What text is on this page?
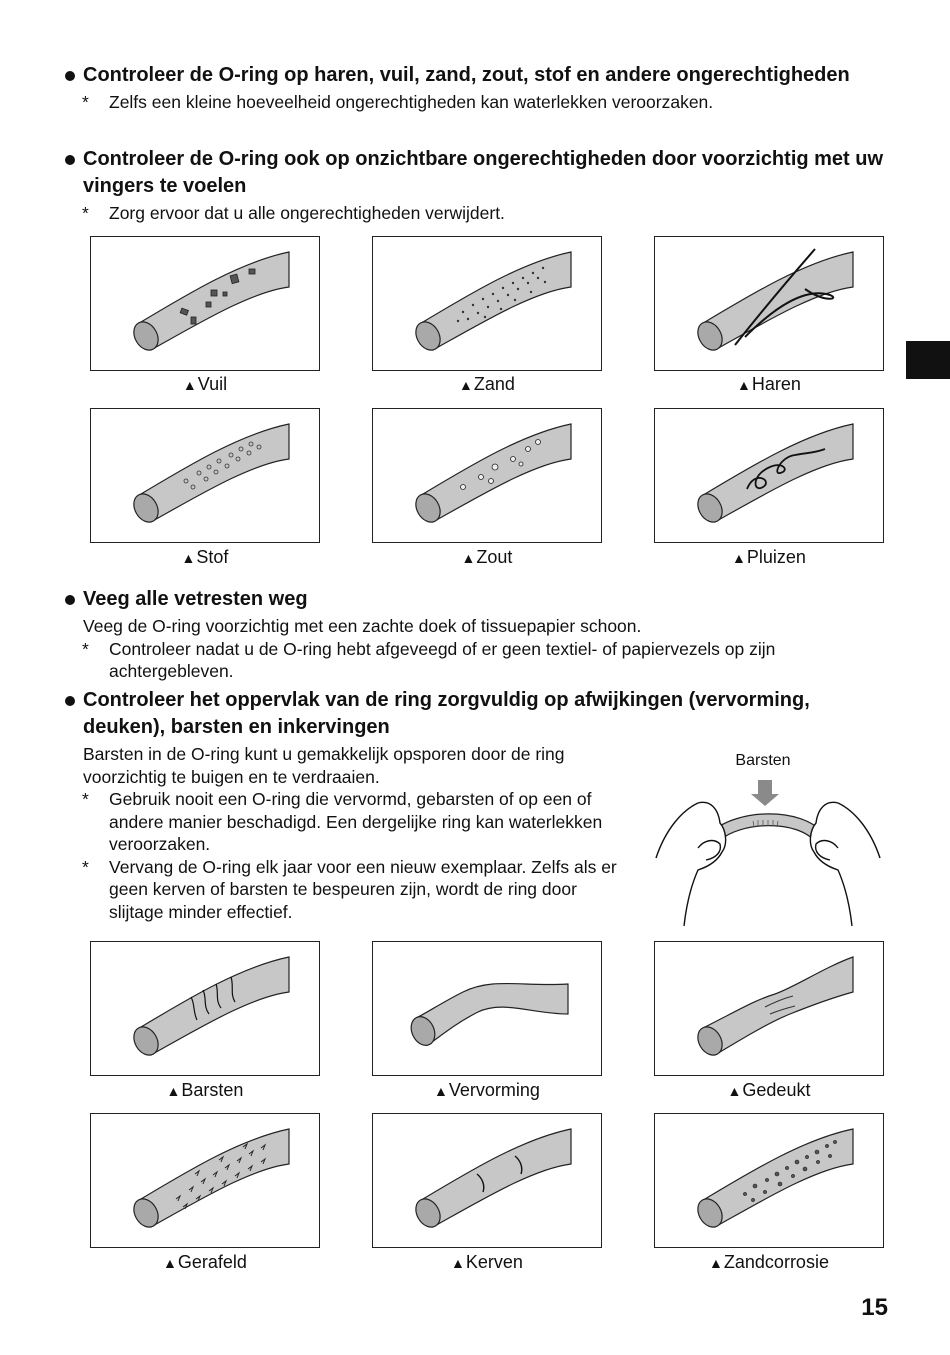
Controleer de O-ring op haren, vuil, zand, zout, stof en andere ongerechtigheden
* Zelfs een kleine hoeveelheid ongerechtigheden kan waterlekken veroorzaken.
Controleer de O-ring ook op onzichtbare ongerechtigheden door voorzichtig met uw vingers te voelen
* Zorg ervoor dat u alle ongerechtigheden verwijdert.
▲Vuil	▲Zand	▲Haren
▲Stof	▲Zout	▲Pluizen
Veeg alle vetresten weg
Veeg de O-ring voorzichtig met een zachte doek of tissuepapier schoon.
* Controleer nadat u de O-ring hebt afgeveegd of er geen textiel- of papiervezels op zijn achtergebleven.
Controleer het oppervlak van de ring zorgvuldig op afwijkingen (vervorming, deuken), barsten en inkervingen
Barsten in de O-ring kunt u gemakkelijk opsporen door de ring voorzichtig te buigen en te verdraaien.
* Gebruik nooit een O-ring die vervormd, gebarsten of op een of andere manier beschadigd. Een dergelijke ring kan waterlekken veroorzaken.
* Vervang de O-ring elk jaar voor een nieuw exemplaar. Zelfs als er geen kerven of barsten te bespeuren zijn, wordt de ring door slijtage minder effectief.
Barsten
▲Barsten	▲Vervorming	▲Gedeukt
▲Gerafeld	▲Kerven	▲Zandcorrosie
15
